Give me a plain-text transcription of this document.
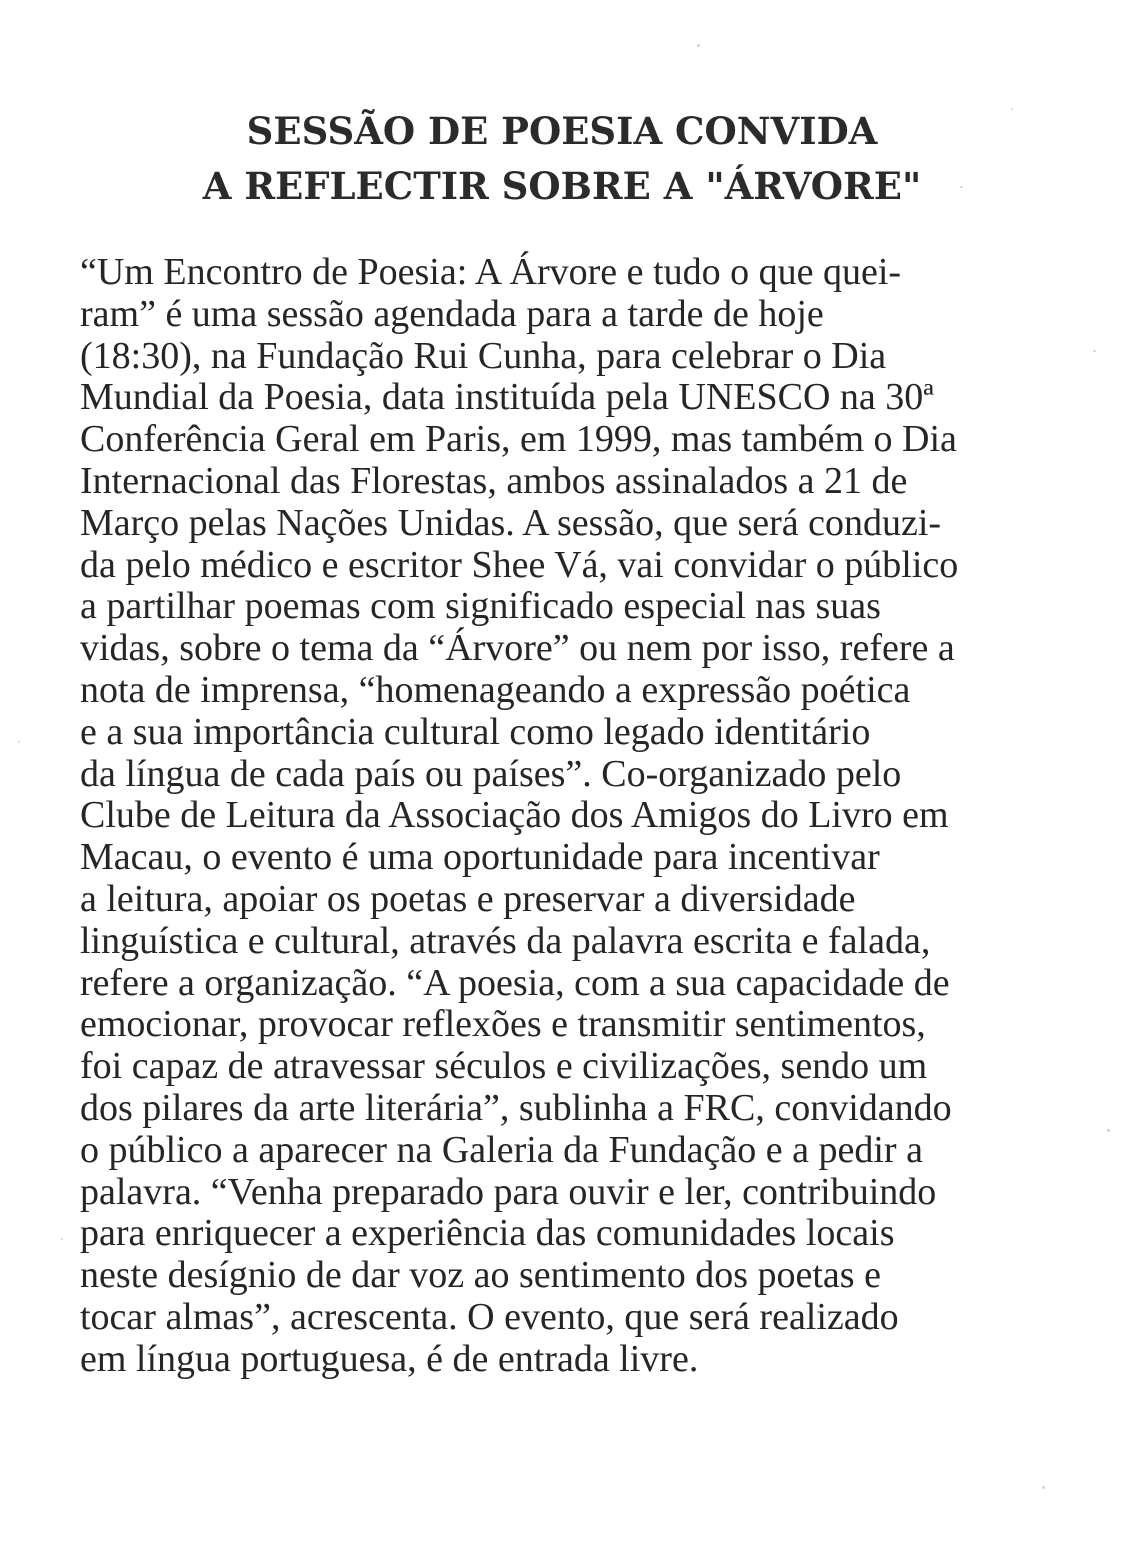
SESSÃO DE POESIA CONVIDA
A REFLECTIR SOBRE A "ÁRVORE"
“Um Encontro de Poesia: A Árvore e tudo o que quei-
ram” é uma sessão agendada para a tarde de hoje
(18:30), na Fundação Rui Cunha, para celebrar o Dia
Mundial da Poesia, data instituída pela UNESCO na 30ª
Conferência Geral em Paris, em 1999, mas também o Dia
Internacional das Florestas, ambos assinalados a 21 de
Março pelas Nações Unidas. A sessão, que será conduzi-
da pelo médico e escritor Shee Vá, vai convidar o público
a partilhar poemas com significado especial nas suas
vidas, sobre o tema da “Árvore” ou nem por isso, refere a
nota de imprensa, “homenageando a expressão poética
e a sua importância cultural como legado identitário
da língua de cada país ou países”. Co-organizado pelo
Clube de Leitura da Associação dos Amigos do Livro em
Macau, o evento é uma oportunidade para incentivar
a leitura, apoiar os poetas e preservar a diversidade
linguística e cultural, através da palavra escrita e falada,
refere a organização. “A poesia, com a sua capacidade de
emocionar, provocar reflexões e transmitir sentimentos,
foi capaz de atravessar séculos e civilizações, sendo um
dos pilares da arte literária”, sublinha a FRC, convidando
o público a aparecer na Galeria da Fundação e a pedir a
palavra. “Venha preparado para ouvir e ler, contribuindo
para enriquecer a experiência das comunidades locais
neste desígnio de dar voz ao sentimento dos poetas e
tocar almas”, acrescenta. O evento, que será realizado
em língua portuguesa, é de entrada livre.
